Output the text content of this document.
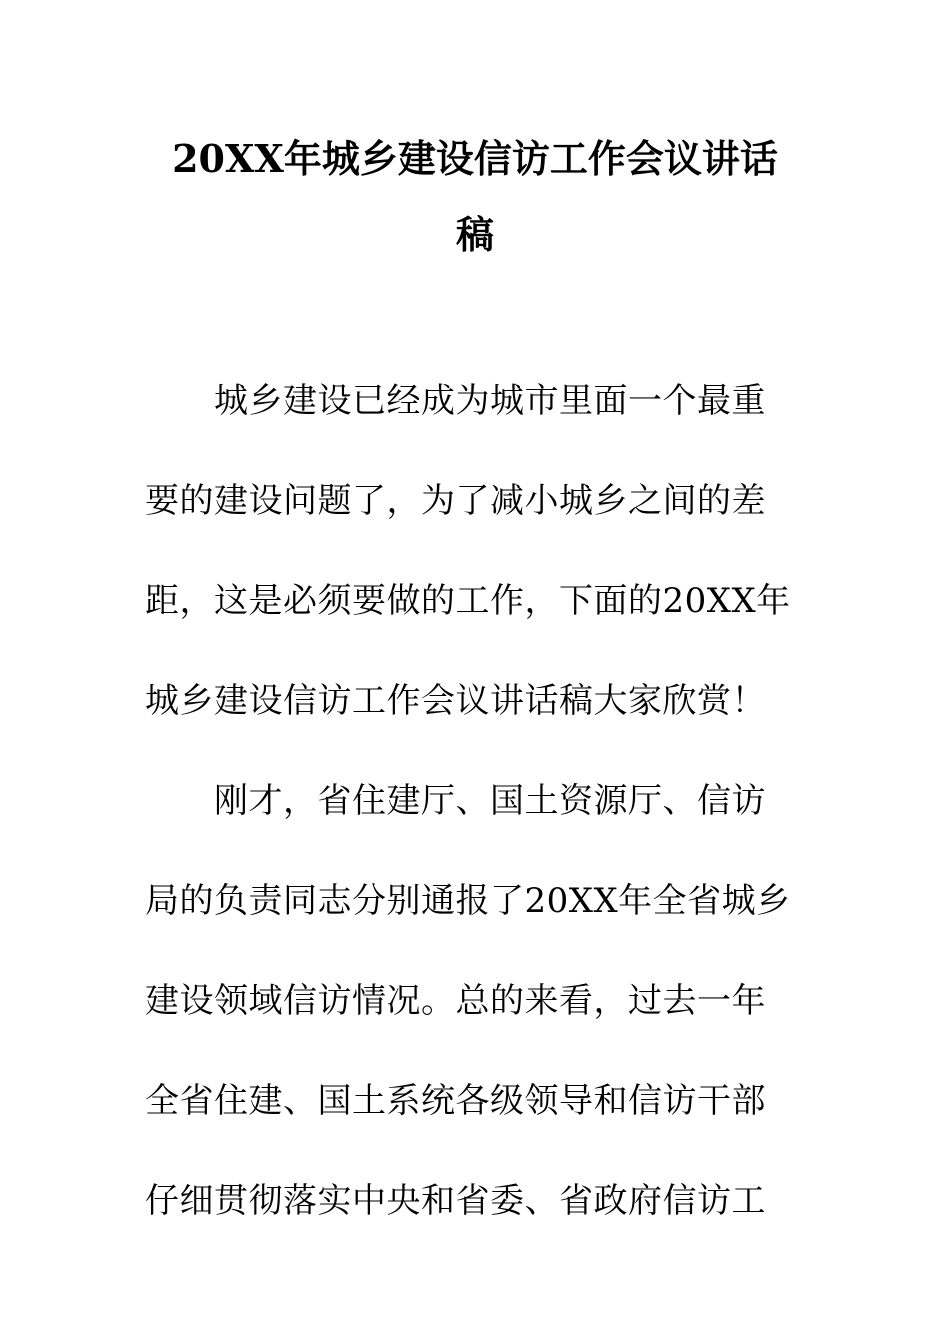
20XX年城乡建设信访工作会议讲话
稿
城乡建设已经成为城市里面一个最重
要的建设问题了，为了减小城乡之间的差
距，这是必须要做的工作，下面的20XX年
城乡建设信访工作会议讲话稿大家欣赏！
刚才，省住建厅、国土资源厅、信访
局的负责同志分别通报了20XX年全省城乡
建设领域信访情况。总的来看，过去一年
全省住建、国土系统各级领导和信访干部
仔细贯彻落实中央和省委、省政府信访工
